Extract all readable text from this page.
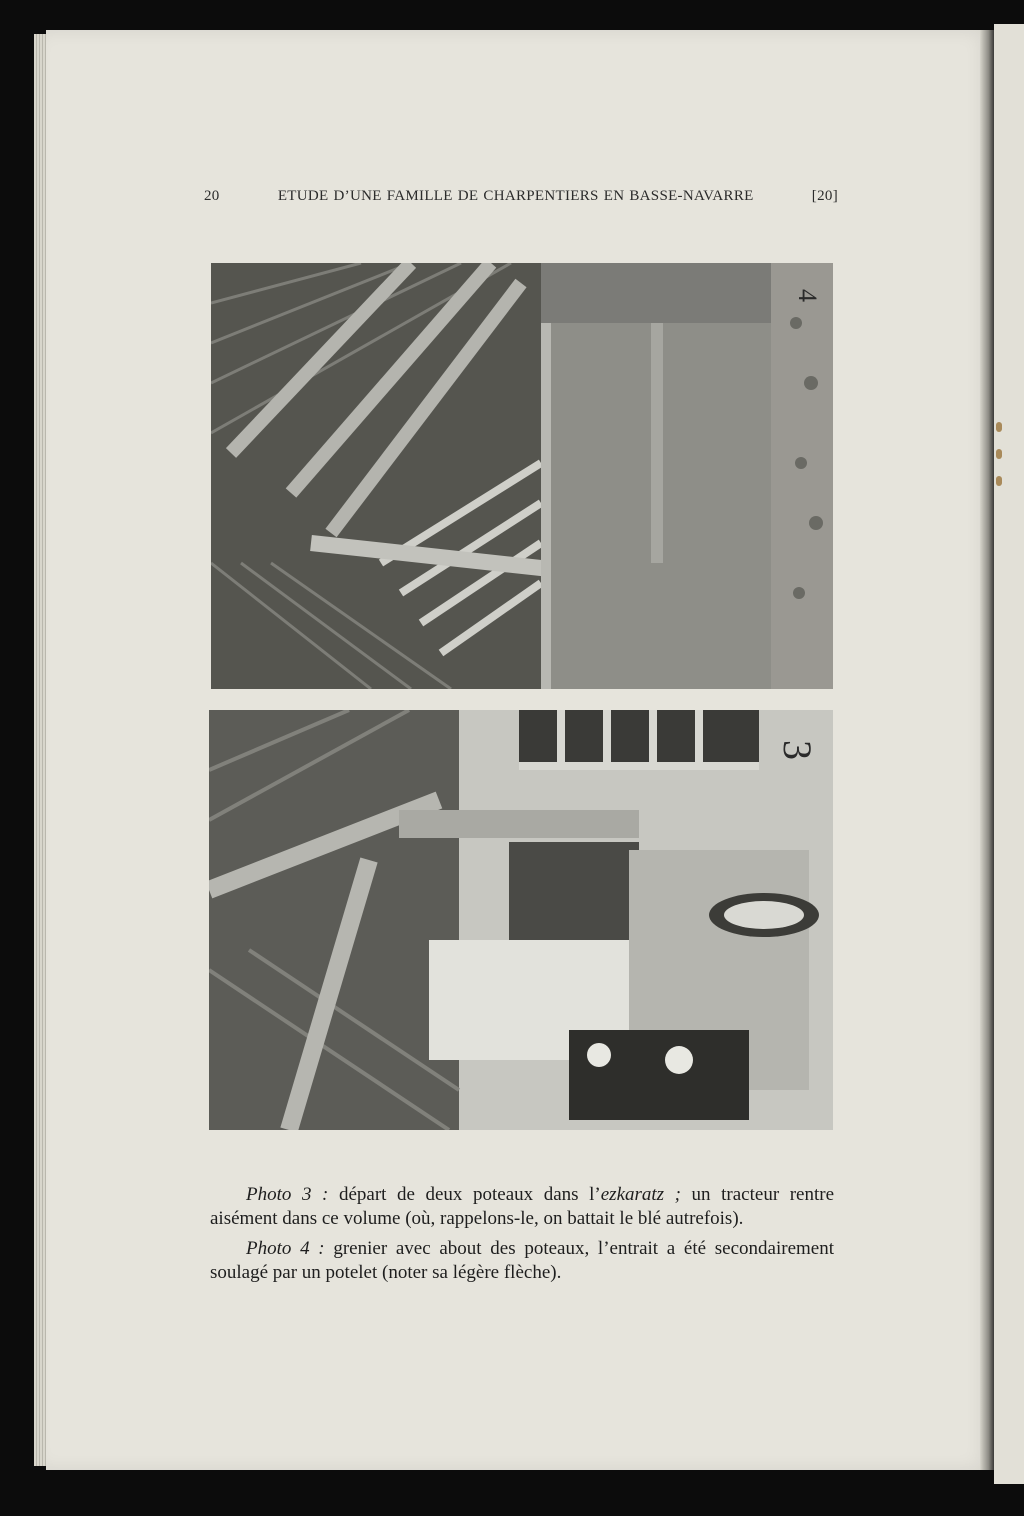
20	ETUDE D’UNE FAMILLE DE CHARPENTIERS EN BASSE-NAVARRE	[20]
4
3

Photo 3 : départ de deux poteaux dans l’ezkaratz ; un tracteur rentre aisément dans ce volume (où, rappelons-le, on battait le blé autrefois).

Photo 4 : grenier avec about des poteaux, l’entrait a été secondairement soulagé par un potelet (noter sa légère flèche).
